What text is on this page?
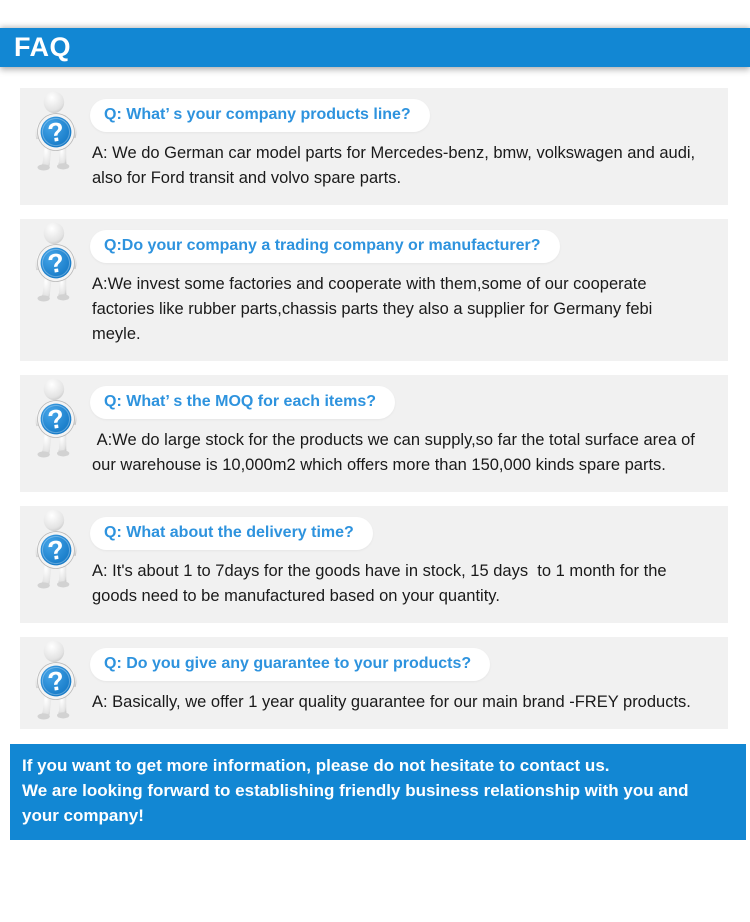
FAQ
?
Q: What’ s your company products line?
A: We do German car model parts for Mercedes-benz, bmw, volkswagen and audi, also for Ford transit and volvo spare parts.
?
Q:Do your company a trading company or manufacturer?
A:We invest some factories and cooperate with them,some of our cooperate factories like rubber parts,chassis parts they also a supplier for Germany febi meyle.
?
Q: What’ s the MOQ for each items?
A:We do large stock for the products we can supply,so far the total surface area of our warehouse is 10,000m2 which offers more than 150,000 kinds spare parts.
?
Q: What about the delivery time?
A: It's about 1 to 7days for the goods have in stock, 15 days  to 1 month for the goods need to be manufactured based on your quantity.
?
Q: Do you give any guarantee to your products?
A: Basically, we offer 1 year quality guarantee for our main brand -FREY products.
If you want to get more information, please do not hesitate to contact us.
We are looking forward to establishing friendly business relationship with you and your company!
